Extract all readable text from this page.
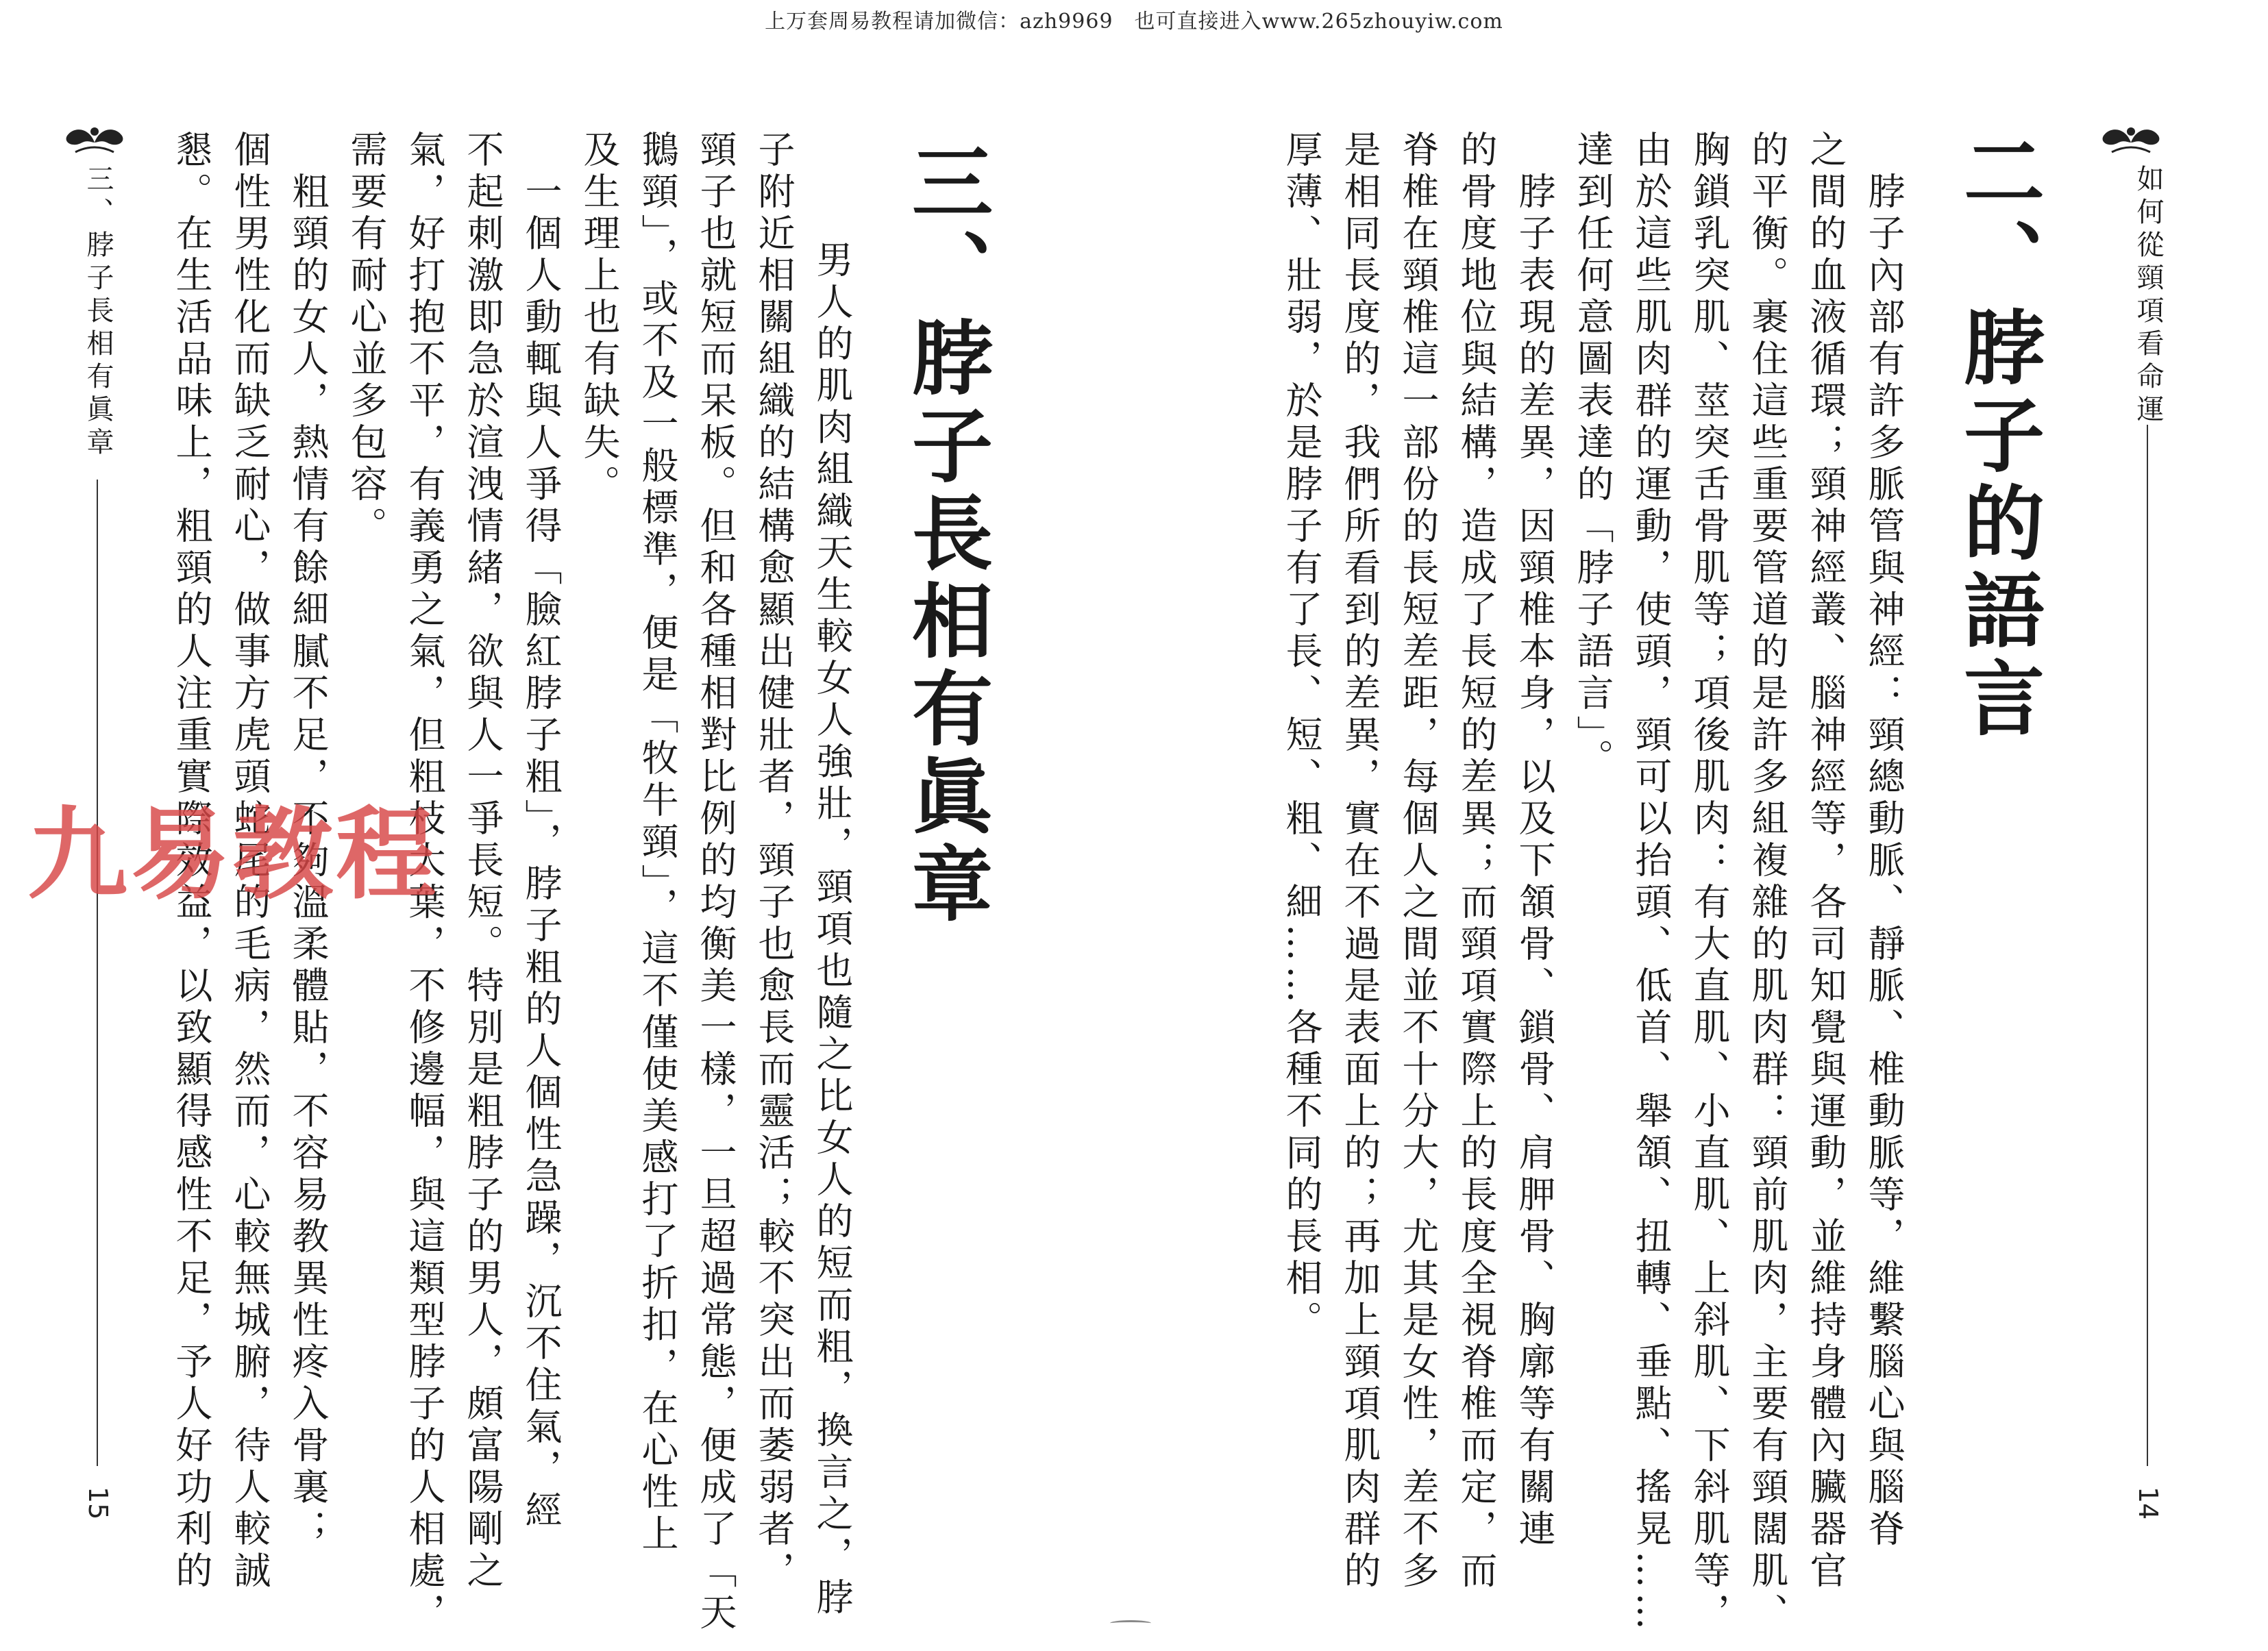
上万套周易教程请加微信：azh9969　也可直接进入www.265zhouyiw.com
如何從頸項看命運
14
二、脖子的語言
　脖子內部有許多脈管與神經：頸總動脈、靜脈、椎動脈等，維繫腦心與腦脊
之間的血液循環；頸神經叢、腦神經等，各司知覺與運動，並維持身體內臟器官
的平衡。裹住這些重要管道的是許多組複雜的肌肉群：頸前肌肉，主要有頸闊肌、
胸鎖乳突肌、莖突舌骨肌等；項後肌肉：有大直肌、小直肌、上斜肌、下斜肌等，
由於這些肌肉群的運動，使頭，頸可以抬頭、低首、舉頷、扭轉、垂點、搖晃……
達到任何意圖表達的「脖子語言」。
　脖子表現的差異，因頸椎本身，以及下頷骨、鎖骨、肩胛骨、胸廓等有關連
的骨度地位與結構，造成了長短的差異；而頸項實際上的長度全視脊椎而定，而
脊椎在頸椎這一部份的長短差距，每個人之間並不十分大，尤其是女性，差不多
是相同長度的，我們所看到的差異，實在不過是表面上的；再加上頸項肌肉群的
厚薄、壯弱，於是脖子有了長、短、粗、細……各種不同的長相。
三、脖子長相有眞章
　男人的肌肉組織天生較女人強壯，頸項也隨之比女人的短而粗，換言之，脖
子附近相關組織的結構愈顯出健壯者，頸子也愈長而靈活；較不突出而萎弱者，
頸子也就短而呆板。但和各種相對比例的均衡美一樣，一旦超過常態，便成了「天
鵝頸」，或不及一般標準，便是「牧牛頸」，這不僅使美感打了折扣，在心性上
及生理上也有缺失。
　一個人動輒與人爭得「臉紅脖子粗」，脖子粗的人個性急躁，沉不住氣，經
不起刺激即急於渲洩情緒，欲與人一爭長短。特別是粗脖子的男人，頗富陽剛之
氣，好打抱不平，有義勇之氣，但粗枝大葉，不修邊幅，與這類型脖子的人相處，
需要有耐心並多包容。
　粗頸的女人，熱情有餘細膩不足，不夠溫柔體貼，不容易教異性疼入骨裏；
個性男性化而缺乏耐心，做事方虎頭蛇尾的毛病，然而，心較無城腑，待人較誠
懇。在生活品味上，粗頸的人注重實際效益，以致顯得感性不足，予人好功利的
三、脖子長相有眞章
15
九易教程
